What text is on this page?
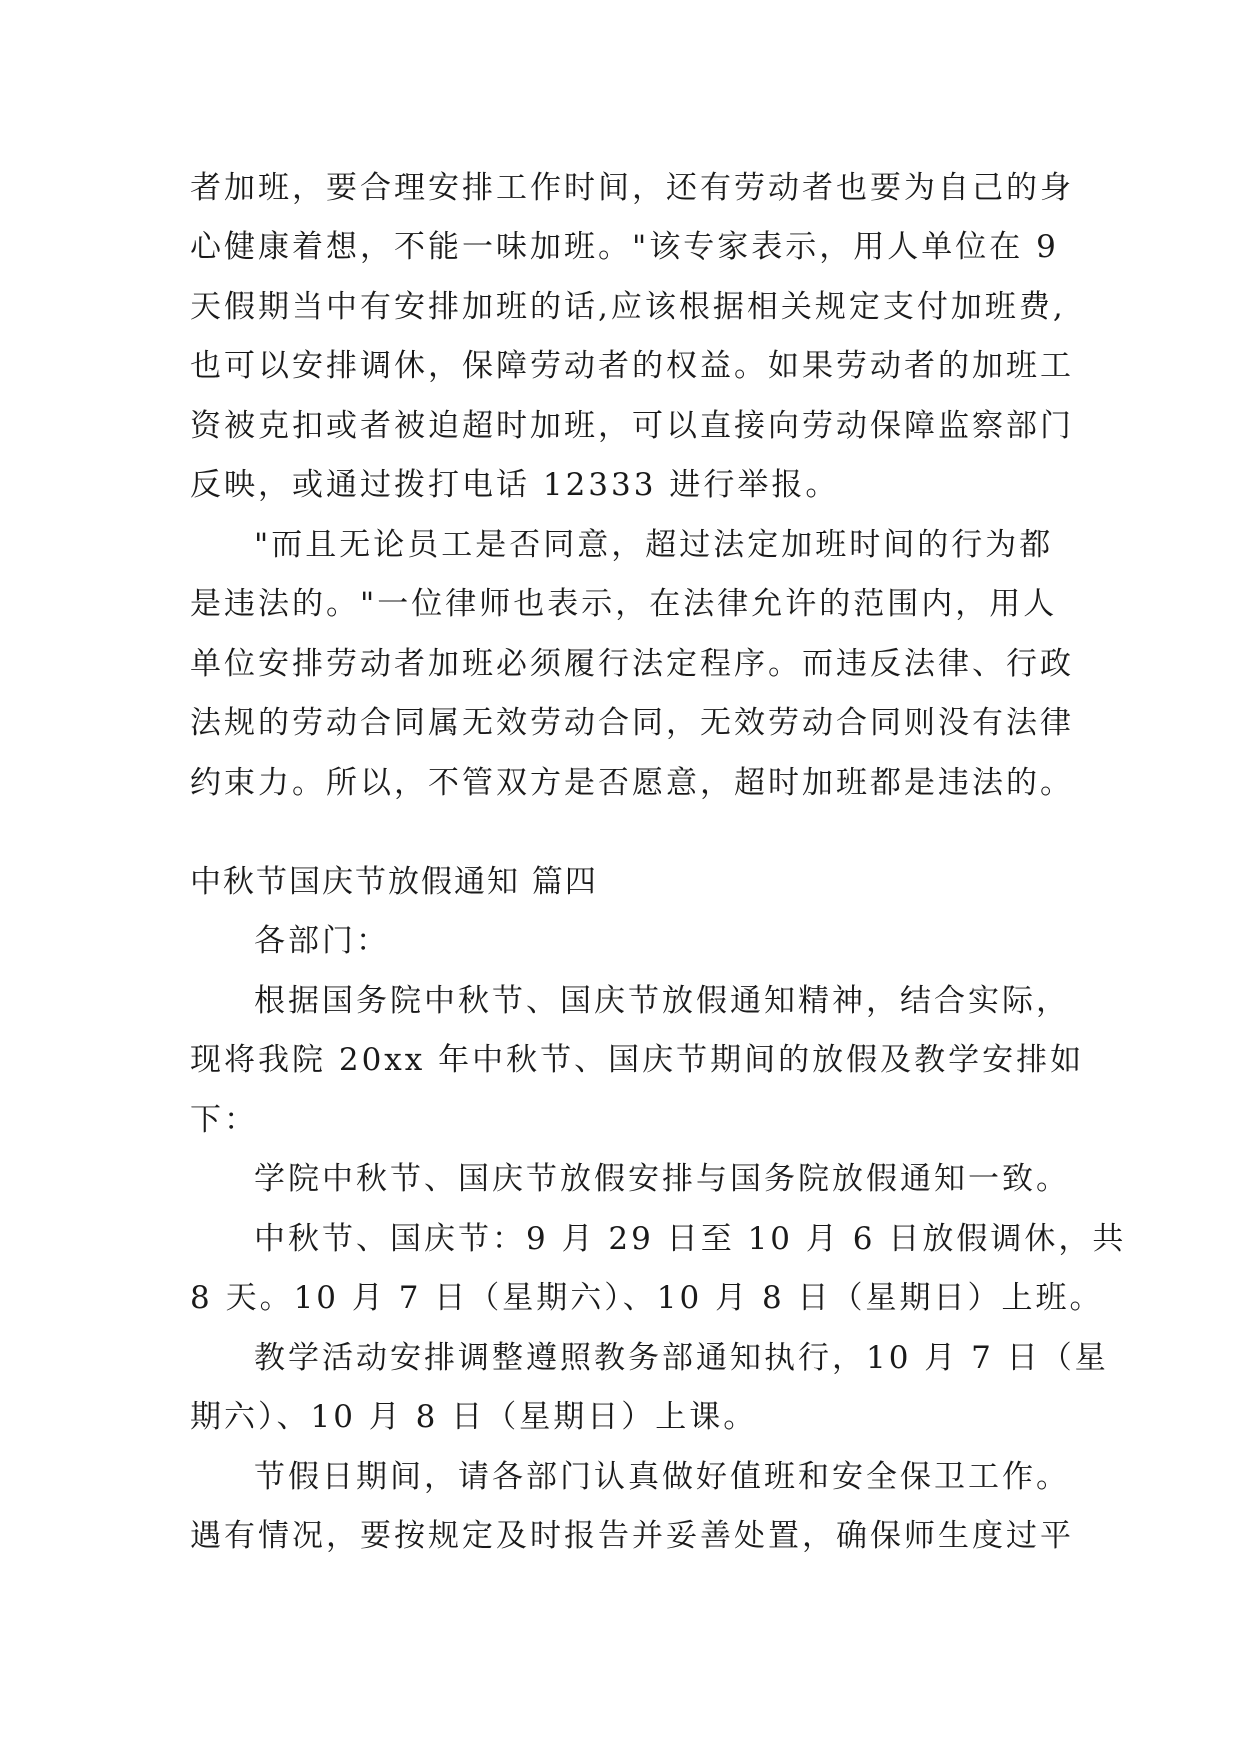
者加班，要合理安排工作时间，还有劳动者也要为自己的身
心健康着想，不能一味加班。"该专家表示，用人单位在 9
天假期当中有安排加班的话,应该根据相关规定支付加班费,
也可以安排调休，保障劳动者的权益。如果劳动者的加班工
资被克扣或者被迫超时加班，可以直接向劳动保障监察部门
反映，或通过拨打电话 12333 进行举报。
"而且无论员工是否同意，超过法定加班时间的行为都
是违法的。"一位律师也表示，在法律允许的范围内，用人
单位安排劳动者加班必须履行法定程序。而违反法律、行政
法规的劳动合同属无效劳动合同，无效劳动合同则没有法律
约束力。所以，不管双方是否愿意，超时加班都是违法的。
中秋节国庆节放假通知 篇四
各部门：
根据国务院中秋节、国庆节放假通知精神，结合实际，
现将我院 20xx 年中秋节、国庆节期间的放假及教学安排如
下：
学院中秋节、国庆节放假安排与国务院放假通知一致。
中秋节、国庆节：9 月 29 日至 10 月 6 日放假调休，共
8 天。10 月 7 日（星期六）、10 月 8 日（星期日）上班。
教学活动安排调整遵照教务部通知执行，10 月 7 日（星
期六）、10 月 8 日（星期日）上课。
节假日期间，请各部门认真做好值班和安全保卫工作。
遇有情况，要按规定及时报告并妥善处置，确保师生度过平
